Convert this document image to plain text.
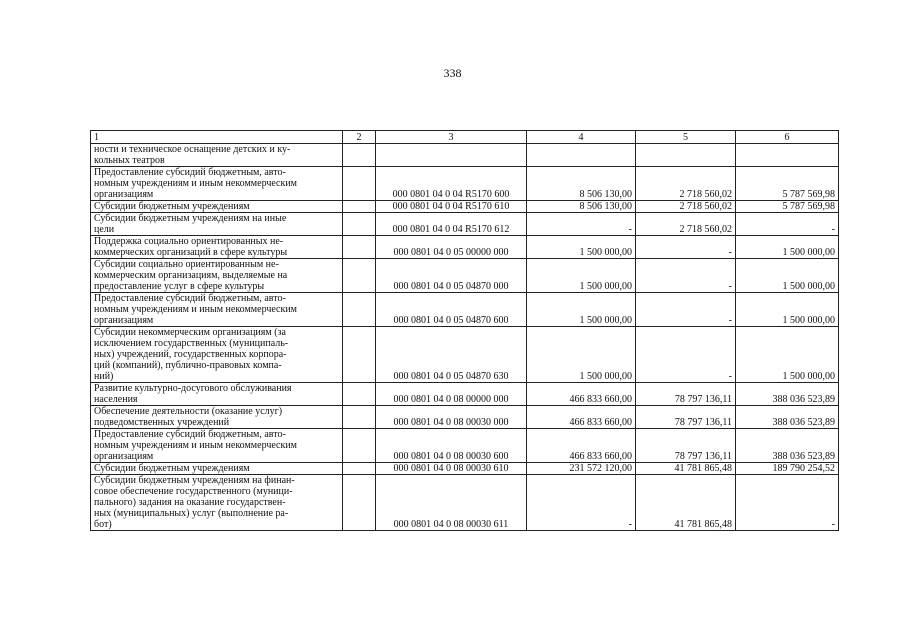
338
1	2	3	4	5	6
ности и техническое оснащение детских и ку-
кольных театров					
Предоставление субсидий бюджетным, авто-
номным учреждениям и иным некоммерческим
организациям		000 0801 04 0 04 R5170 600	8 506 130,00	2 718 560,02	5 787 569,98
Субсидии бюджетным учреждениям		000 0801 04 0 04 R5170 610	8 506 130,00	2 718 560,02	5 787 569,98
Субсидии бюджетным учреждениям на иные
цели		000 0801 04 0 04 R5170 612	-	2 718 560,02	-
Поддержка социально ориентированных не-
коммерческих организаций в сфере культуры		000 0801 04 0 05 00000 000	1 500 000,00	-	1 500 000,00
Субсидии социально ориентированным не-
коммерческим организациям, выделяемые на
предоставление услуг в сфере культуры		000 0801 04 0 05 04870 000	1 500 000,00	-	1 500 000,00
Предоставление субсидий бюджетным, авто-
номным учреждениям и иным некоммерческим
организациям		000 0801 04 0 05 04870 600	1 500 000,00	-	1 500 000,00
Субсидии некоммерческим организациям (за
исключением государственных (муниципаль-
ных) учреждений, государственных корпора-
ций (компаний), публично-правовых компа-
ний)		000 0801 04 0 05 04870 630	1 500 000,00	-	1 500 000,00
Развитие культурно-досугового обслуживания
населения		000 0801 04 0 08 00000 000	466 833 660,00	78 797 136,11	388 036 523,89
Обеспечение деятельности (оказание услуг)
подведомственных учреждений		000 0801 04 0 08 00030 000	466 833 660,00	78 797 136,11	388 036 523,89
Предоставление субсидий бюджетным, авто-
номным учреждениям и иным некоммерческим
организациям		000 0801 04 0 08 00030 600	466 833 660,00	78 797 136,11	388 036 523,89
Субсидии бюджетным учреждениям		000 0801 04 0 08 00030 610	231 572 120,00	41 781 865,48	189 790 254,52
Субсидии бюджетным учреждениям на финан-
совое обеспечение государственного (муници-
пального) задания на оказание государствен-
ных (муниципальных) услуг (выполнение ра-
бот)		000 0801 04 0 08 00030 611	-	41 781 865,48	-
